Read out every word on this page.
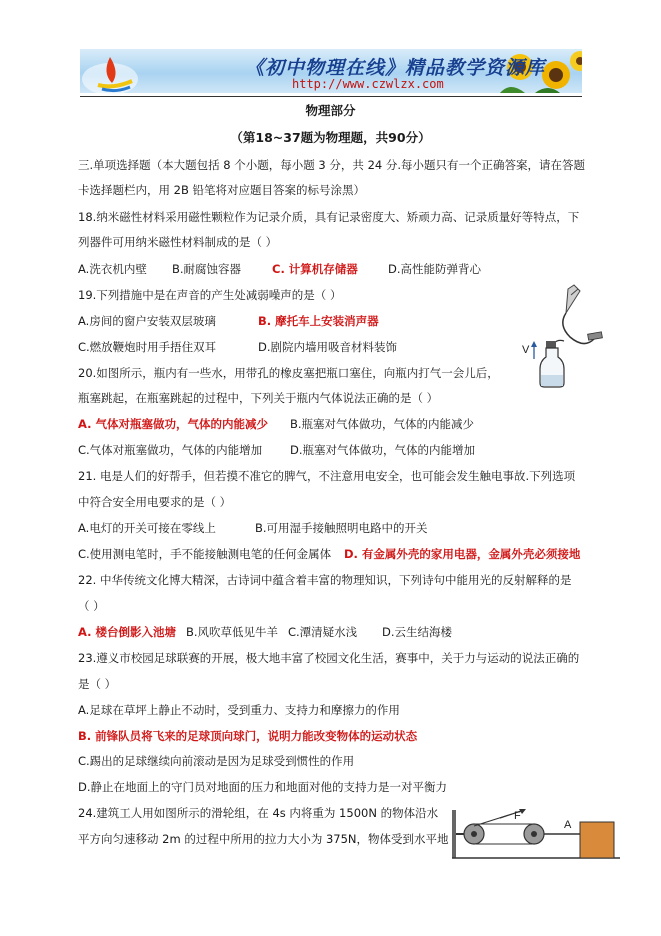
《初中物理在线》精品教学资源库
http://www.czwlzx.com
物理部分
（第18~37题为物理题，共90分）
三.单项选择题（本大题包括 8 个小题，每小题 3 分，共 24 分.每小题只有一个正确答案，请在答题
卡选择题栏内，用 2B 铅笔将对应题目答案的标号涂黑）
18.纳米磁性材料采用磁性颗粒作为记录介质，具有记录密度大、矫顽力高、记录质量好等特点，下
列器件可用纳米磁性材料制成的是（ ）
A.洗衣机内壁 B.耐腐蚀容器	C. 计算机存储器	D.高性能防弹背心
19.下列措施中是在声音的产生处减弱噪声的是（ ）
A.房间的窗户安装双层玻璃	B. 摩托车上安装消声器
C.燃放鞭炮时用手捂住双耳	D.剧院内墙用吸音材料装饰	V
20.如图所示，瓶内有一些水，用带孔的橡皮塞把瓶口塞住，向瓶内打气一会儿后，
瓶塞跳起，在瓶塞跳起的过程中，下列关于瓶内气体说法正确的是（ ）
A. 气体对瓶塞做功，气体的内能减少 B.瓶塞对气体做功，气体的内能减少
C.气体对瓶塞做功，气体的内能增加 D.瓶塞对气体做功，气体的内能增加
21. 电是人们的好帮手，但若摸不准它的脾气，不注意用电安全，也可能会发生触电事故.下列选项
中符合安全用电要求的是（ ）
A.电灯的开关可接在零线上	B.可用湿手接触照明电路中的开关
C.使用测电笔时，手不能接触测电笔的任何金属体 D. 有金属外壳的家用电器，金属外壳必须接地
22. 中华传统文化博大精深，古诗词中蕴含着丰富的物理知识，下列诗句中能用光的反射解释的是
（ ）
A. 楼台倒影入池塘 B.风吹草低见牛羊 C.潭清疑水浅 D.云生结海楼
23.遵义市校园足球联赛的开展，极大地丰富了校园文化生活，赛事中，关于力与运动的说法正确的
是（ ）
A.足球在草坪上静止不动时，受到重力、支持力和摩擦力的作用
B. 前锋队员将飞来的足球顶向球门，说明力能改变物体的运动状态
C.踢出的足球继续向前滚动是因为足球受到惯性的作用
D.静止在地面上的守门员对地面的压力和地面对他的支持力是一对平衡力
24.建筑工人用如图所示的滑轮组，在 4s 内将重为 1500N 的物体沿水
平方向匀速移动 2m 的过程中所用的拉力大小为 375N，物体受到水平地
F
A
